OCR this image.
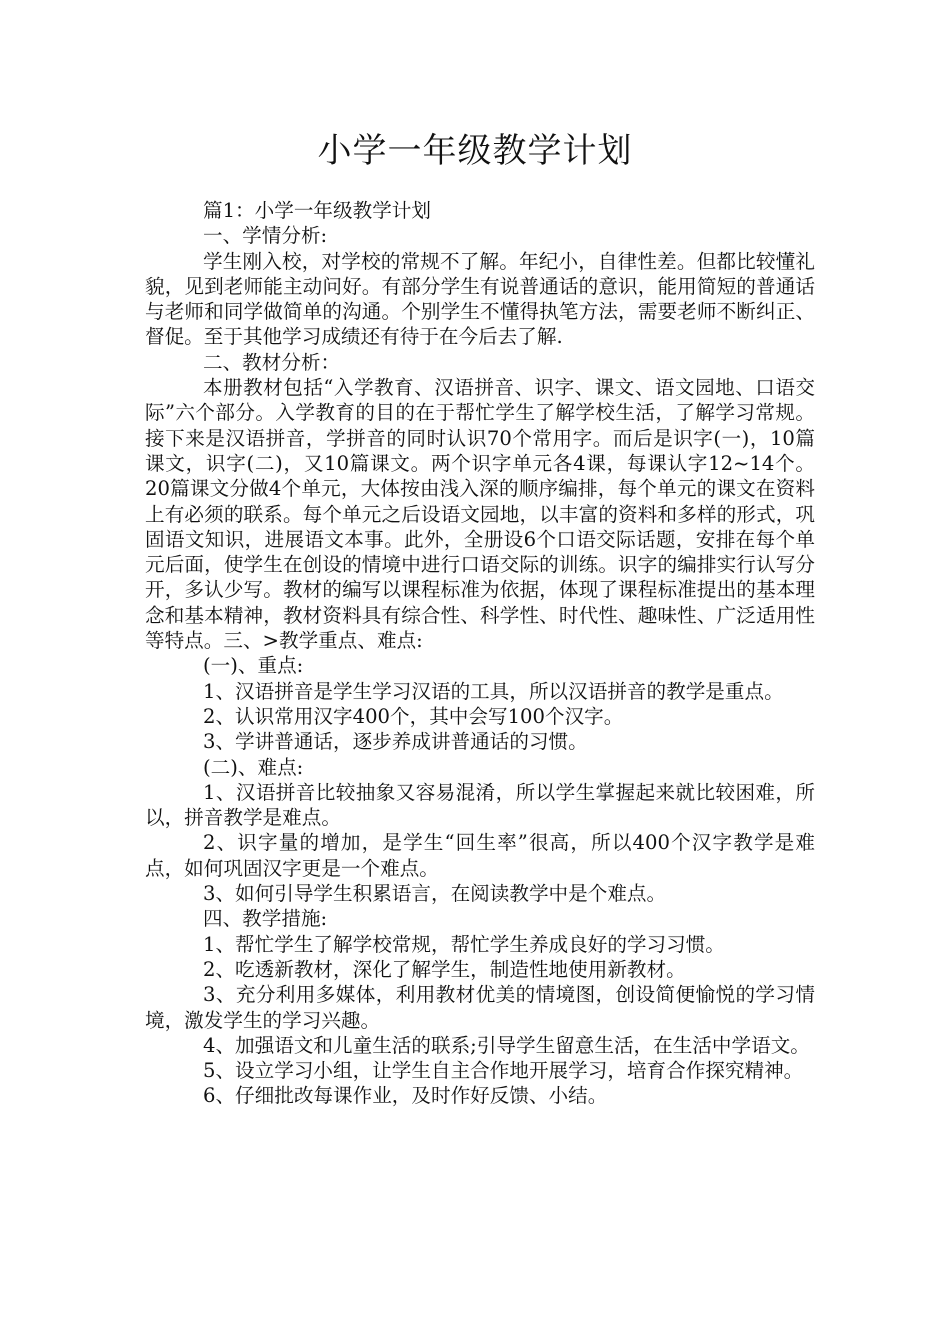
小学一年级教学计划

篇1：小学一年级教学计划

一、学情分析:

学生刚入校，对学校的常规不了解。年纪小，自律性差。但都比较懂礼貌，见到老师能主动问好。有部分学生有说普通话的意识，能用简短的普通话与老师和同学做简单的沟通。个别学生不懂得执笔方法，需要老师不断纠正、督促。至于其他学习成绩还有待于在今后去了解.

二、教材分析：

本册教材包括“入学教育、汉语拼音、识字、课文、语文园地、口语交际”六个部分。入学教育的目的在于帮忙学生了解学校生活，了解学习常规。接下来是汉语拼音，学拼音的同时认识70个常用字。而后是识字(一)，10篇课文，识字(二)，又10篇课文。两个识字单元各4课，每课认字12~14个。20篇课文分做4个单元，大体按由浅入深的顺序编排，每个单元的课文在资料上有必须的联系。每个单元之后设语文园地，以丰富的资料和多样的形式，巩固语文知识，进展语文本事。此外，全册设6个口语交际话题，安排在每个单元后面，使学生在创设的情境中进行口语交际的训练。识字的编排实行认写分开，多认少写。教材的编写以课程标准为依据，体现了课程标准提出的基本理念和基本精神，教材资料具有综合性、科学性、时代性、趣味性、广泛适用性等特点。三、>教学重点、难点:

(一)、重点:

1、汉语拼音是学生学习汉语的工具，所以汉语拼音的教学是重点。

2、认识常用汉字400个，其中会写100个汉字。

3、学讲普通话，逐步养成讲普通话的习惯。

(二)、难点:

1、汉语拼音比较抽象又容易混淆，所以学生掌握起来就比较困难，所以，拼音教学是难点。

2、识字量的增加，是学生“回生率”很高，所以400个汉字教学是难点，如何巩固汉字更是一个难点。

3、如何引导学生积累语言，在阅读教学中是个难点。

四、教学措施:

1、帮忙学生了解学校常规，帮忙学生养成良好的学习习惯。

2、吃透新教材，深化了解学生，制造性地使用新教材。

3、充分利用多媒体，利用教材优美的情境图，创设简便愉悦的学习情境，激发学生的学习兴趣。

4、加强语文和儿童生活的联系;引导学生留意生活，在生活中学语文。

5、设立学习小组，让学生自主合作地开展学习，培育合作探究精神。

6、仔细批改每课作业，及时作好反馈、小结。
